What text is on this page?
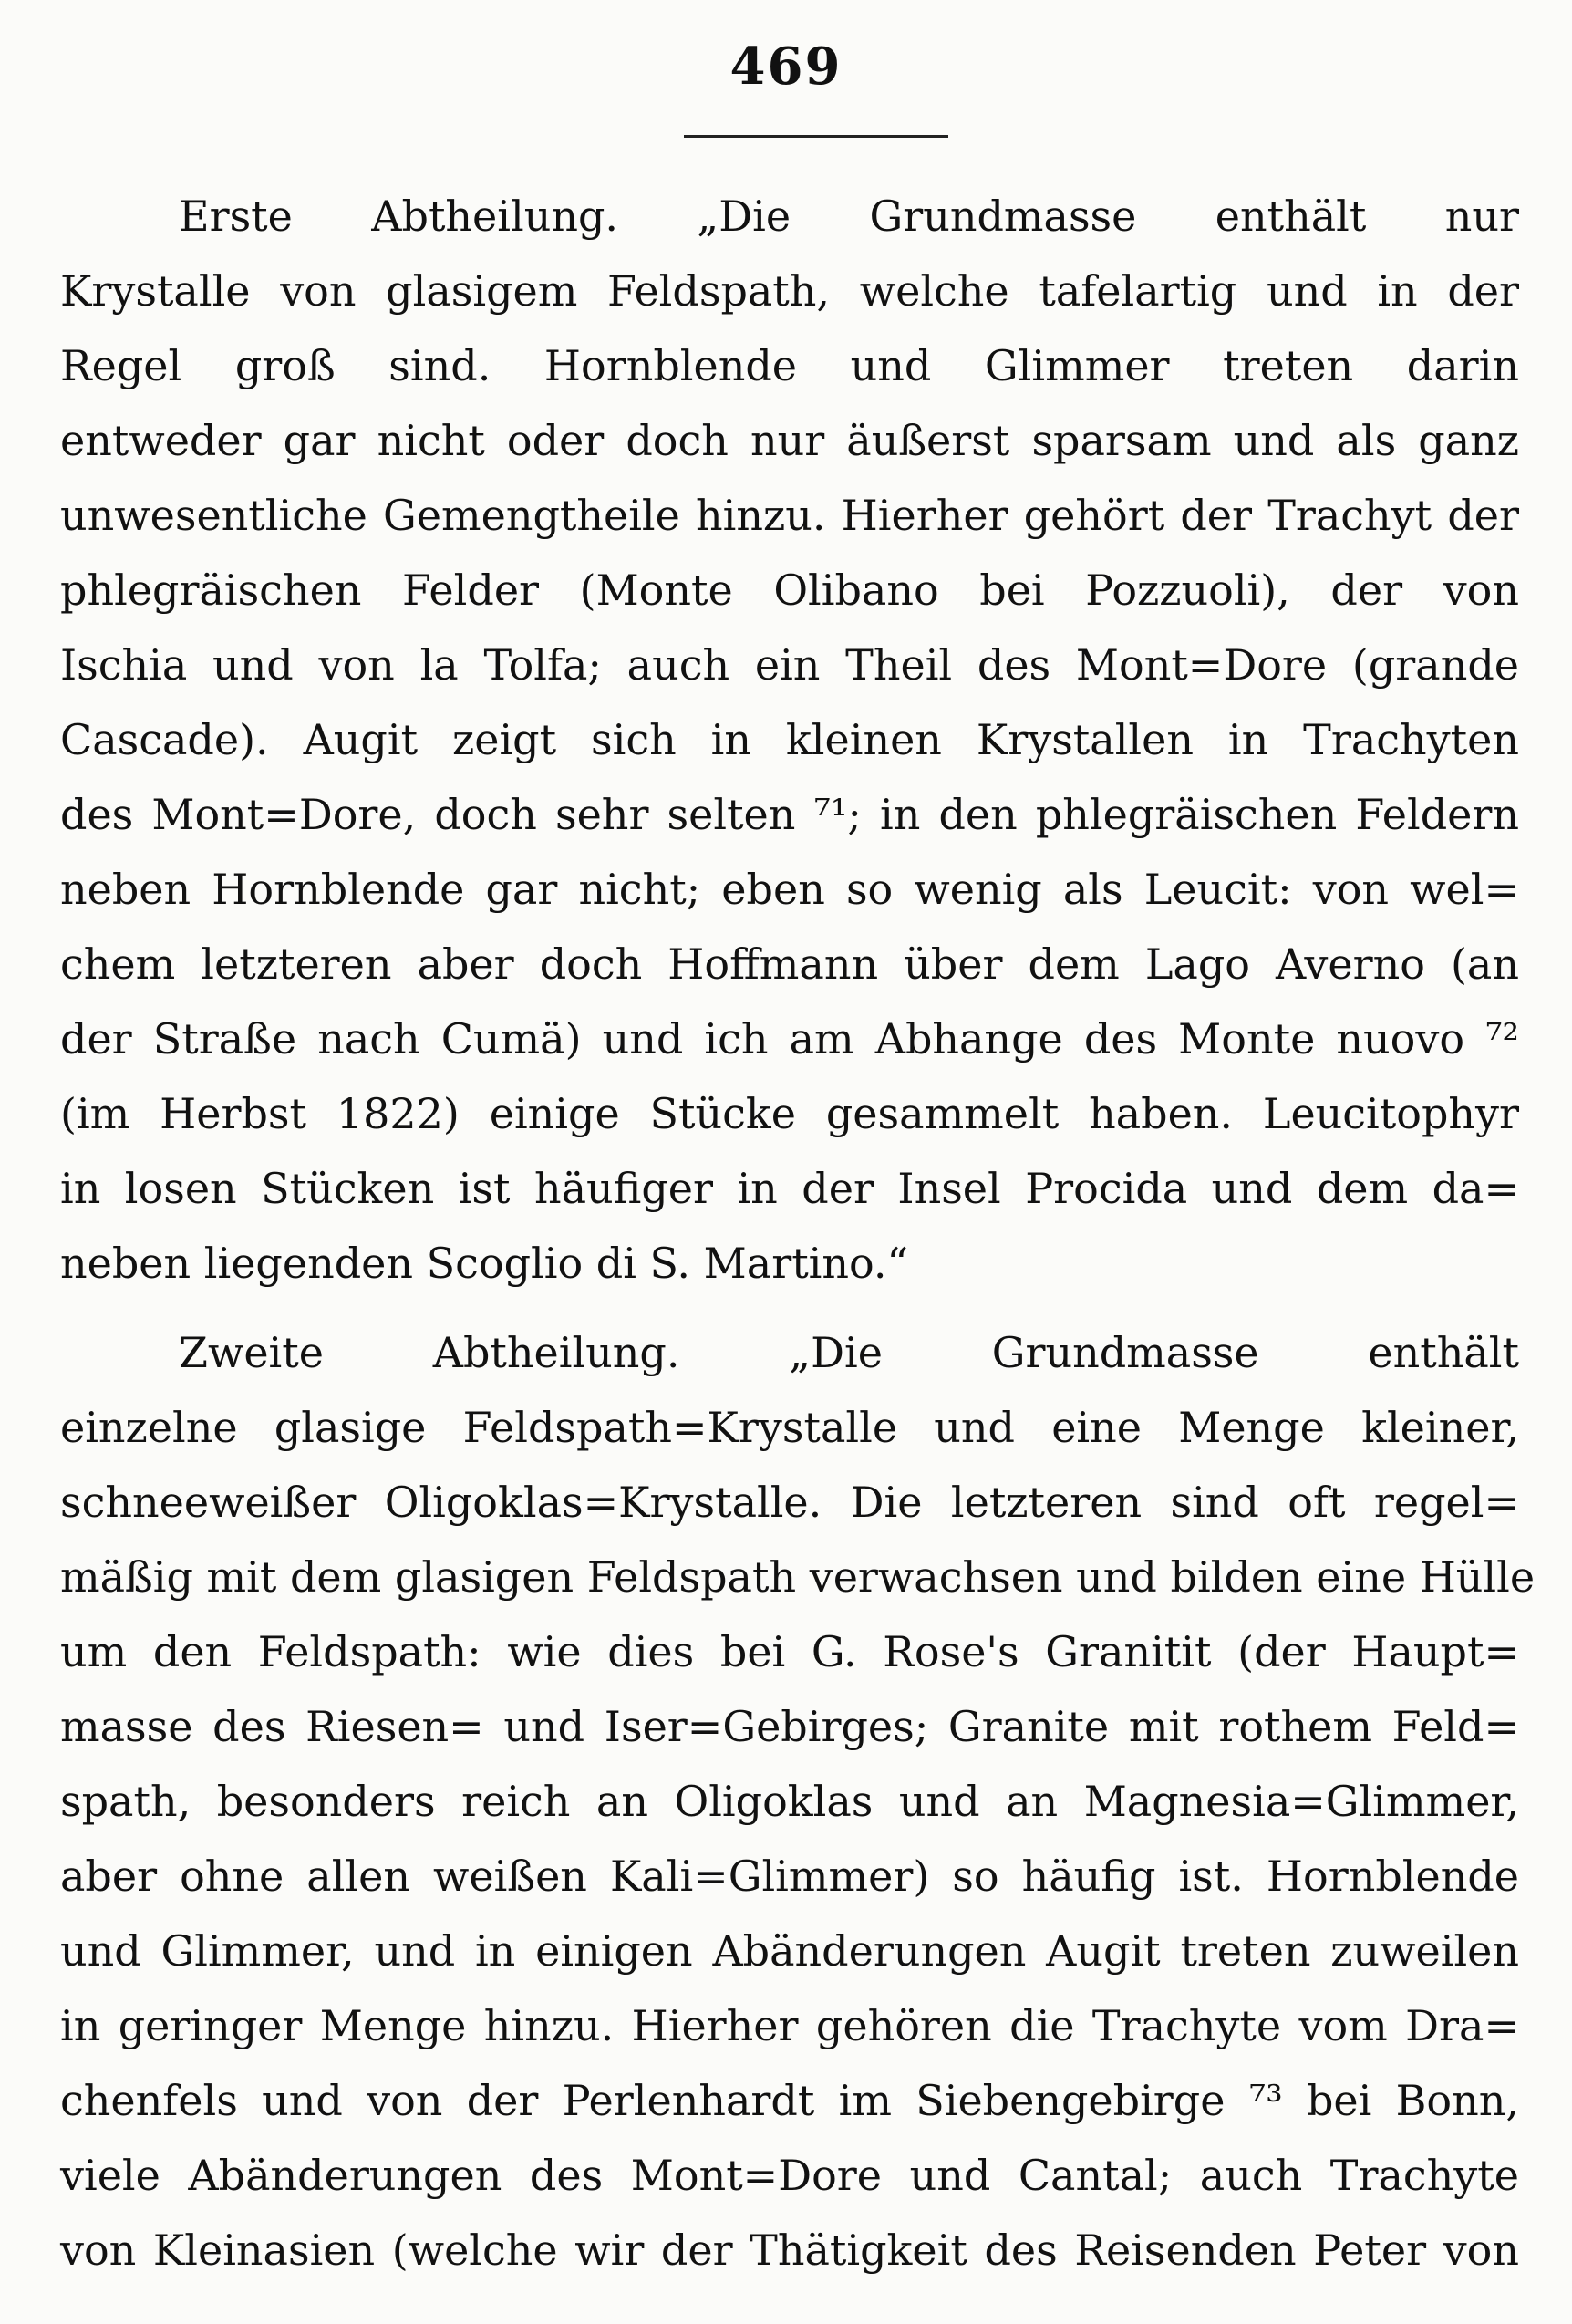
469
Erste Abtheilung. „Die Grundmasse enthält nur
Krystalle von glasigem Feldspath, welche tafelartig und in der
Regel groß sind. Hornblende und Glimmer treten darin
entweder gar nicht oder doch nur äußerst sparsam und als ganz
unwesentliche Gemengtheile hinzu. Hierher gehört der Trachyt der
phlegräischen Felder (Monte Olibano bei Pozzuoli), der von
Ischia und von la Tolfa; auch ein Theil des Mont=Dore (grande
Cascade). Augit zeigt sich in kleinen Krystallen in Trachyten
des Mont=Dore, doch sehr selten ⁷¹; in den phlegräischen Feldern
neben Hornblende gar nicht; eben so wenig als Leucit: von wel=
chem letzteren aber doch Hoffmann über dem Lago Averno (an
der Straße nach Cumä) und ich am Abhange des Monte nuovo ⁷²
(im Herbst 1822) einige Stücke gesammelt haben. Leucitophyr
in losen Stücken ist häufiger in der Insel Procida und dem da=
neben liegenden Scoglio di S. Martino.“
Zweite Abtheilung. „Die Grundmasse enthält
einzelne glasige Feldspath=Krystalle und eine Menge kleiner,
schneeweißer Oligoklas=Krystalle. Die letzteren sind oft regel=
mäßig mit dem glasigen Feldspath verwachsen und bilden eine Hülle
um den Feldspath: wie dies bei G. Rose's Granitit (der Haupt=
masse des Riesen= und Iser=Gebirges; Granite mit rothem Feld=
spath, besonders reich an Oligoklas und an Magnesia=Glimmer,
aber ohne allen weißen Kali=Glimmer) so häufig ist. Hornblende
und Glimmer, und in einigen Abänderungen Augit treten zuweilen
in geringer Menge hinzu. Hierher gehören die Trachyte vom Dra=
chenfels und von der Perlenhardt im Siebengebirge ⁷³ bei Bonn,
viele Abänderungen des Mont=Dore und Cantal; auch Trachyte
von Kleinasien (welche wir der Thätigkeit des Reisenden Peter von
